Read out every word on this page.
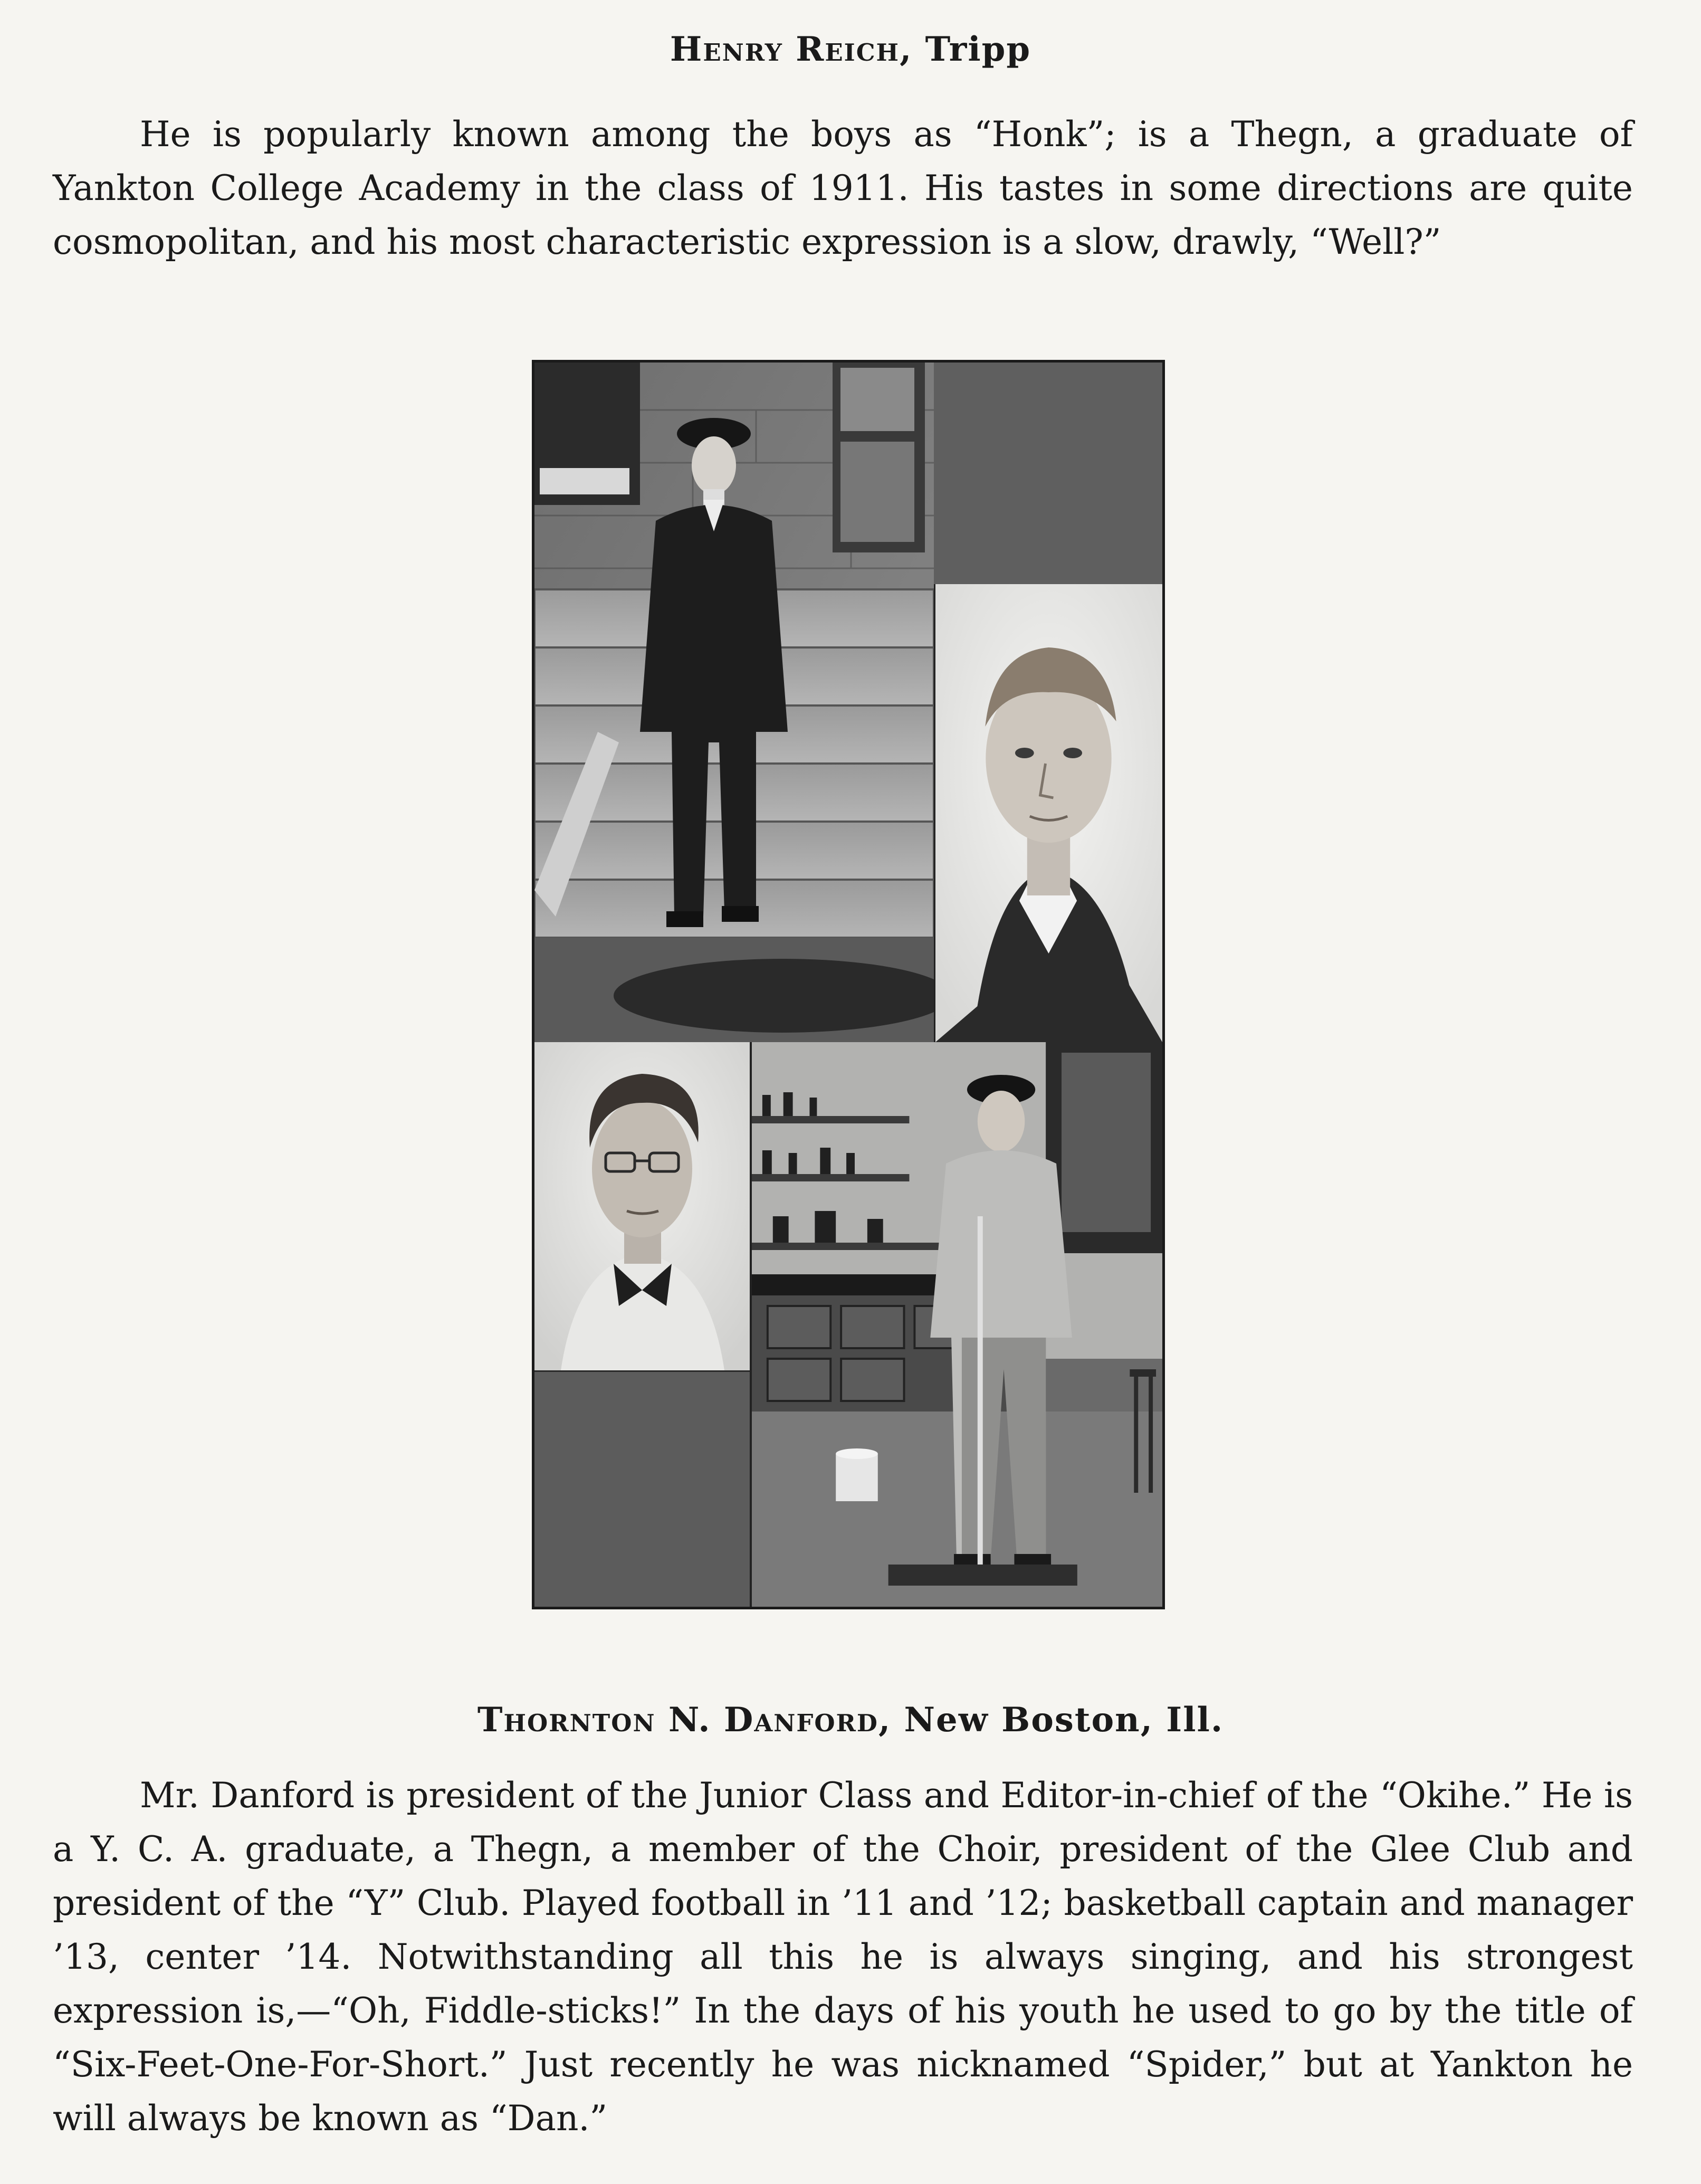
Henry Reich, Tripp

He is popularly known among the boys as “Honk”; is a Thegn, a graduate of Yankton College Academy in the class of 1911. His tastes in some directions are quite cosmopolitan, and his most characteristic expression is a slow, drawly, “Well?”

Thornton N. Danford, New Boston, Ill.

Mr. Danford is president of the Junior Class and Editor-in-chief of the “Okihe.” He is a Y. C. A. graduate, a Thegn, a member of the Choir, president of the Glee Club and president of the “Y” Club. Played football in ’11 and ’12; basketball captain and manager ’13, center ’14. Notwithstanding all this he is always singing, and his strongest expression is,—“Oh, Fiddle-sticks!” In the days of his youth he used to go by the title of “Six-Feet-One-For-Short.” Just recently he was nicknamed “Spider,” but at Yankton he will always be known as “Dan.”
